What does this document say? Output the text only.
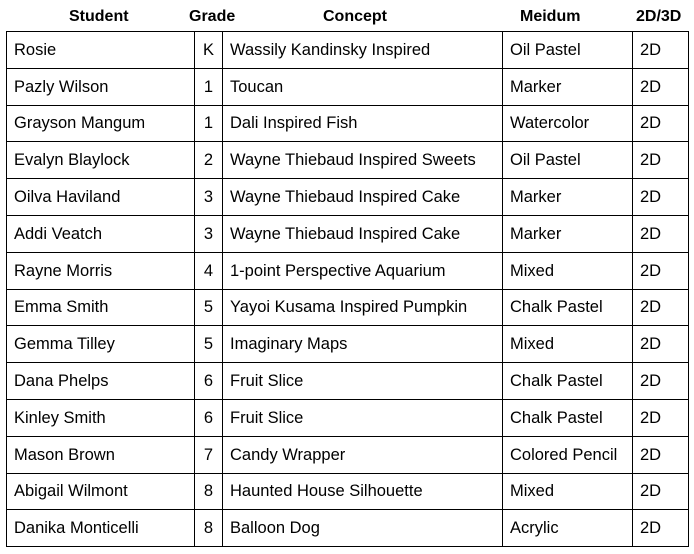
Student	Grade	Concept	Meidum	2D/3D
Rosie	K	Wassily Kandinsky Inspired	Oil Pastel	2D
Pazly Wilson	1	Toucan	Marker	2D
Grayson Mangum	1	Dali Inspired Fish	Watercolor	2D
Evalyn Blaylock	2	Wayne Thiebaud Inspired Sweets	Oil Pastel	2D
Oilva Haviland	3	Wayne Thiebaud Inspired Cake	Marker	2D
Addi Veatch	3	Wayne Thiebaud Inspired Cake	Marker	2D
Rayne Morris	4	1-point Perspective Aquarium	Mixed	2D
Emma Smith	5	Yayoi Kusama Inspired Pumpkin	Chalk Pastel	2D
Gemma Tilley	5	Imaginary Maps	Mixed	2D
Dana Phelps	6	Fruit Slice	Chalk Pastel	2D
Kinley Smith	6	Fruit Slice	Chalk Pastel	2D
Mason Brown	7	Candy Wrapper	Colored Pencil	2D
Abigail Wilmont	8	Haunted House Silhouette	Mixed	2D
Danika Monticelli	8	Balloon Dog	Acrylic	2D
